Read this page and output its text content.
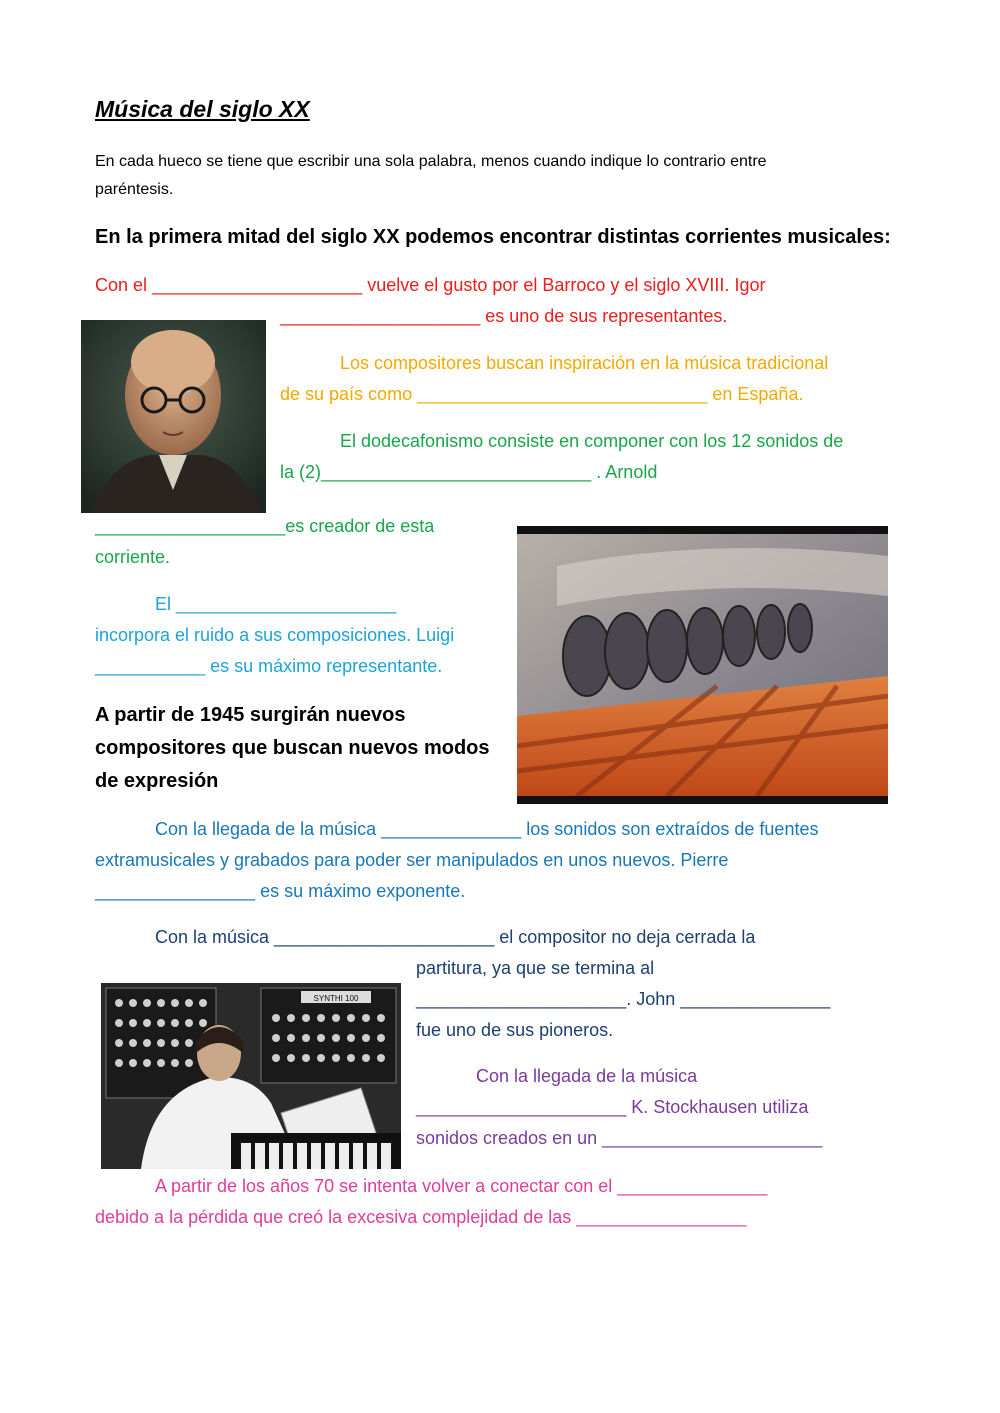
Música del siglo XX
En cada hueco se tiene que escribir una sola palabra, menos cuando indique lo contrario entre
paréntesis.
En la primera mitad del siglo XX podemos encontrar distintas corrientes musicales:
Con el _____________________ vuelve el gusto por el Barroco y el siglo XVIII. Igor
____________________ es uno de sus representantes.
Los compositores buscan inspiración en la música tradicional
de su país como _____________________________ en España.
El dodecafonismo consiste en componer con los 12 sonidos de
la (2)___________________________ . Arnold
___________________es creador de esta
corriente.
El ______________________
incorpora el ruido a sus composiciones. Luigi
___________ es su máximo representante.
A partir de 1945 surgirán nuevos
compositores que buscan nuevos modos
de expresión
Con la llegada de la música ______________ los sonidos son extraídos de fuentes
extramusicales y grabados para poder ser manipulados en unos nuevos. Pierre
________________ es su máximo exponente.
Con la música ______________________ el compositor no deja cerrada la
partitura, ya que se termina al
_____________________. John _______________
fue uno de sus pioneros.
SYNTHI 100
Con la llegada de la música
_____________________ K. Stockhausen utiliza
sonidos creados en un ______________________
A partir de los años 70 se intenta volver a conectar con el _______________
debido a la pérdida que creó la excesiva complejidad de las _________________
